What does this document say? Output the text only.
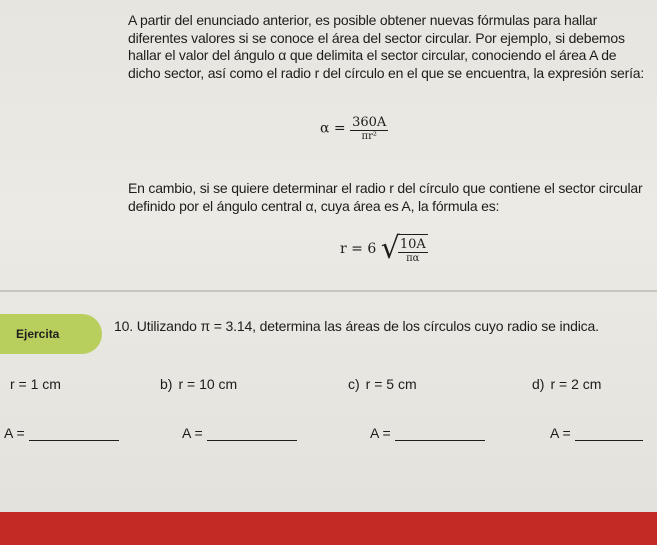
A partir del enunciado anterior, es posible obtener nuevas fórmulas para hallar diferentes valores si se conoce el área del sector circular. Por ejemplo, si debemos hallar el valor del ángulo α que delimita el sector circular, conociendo el área A de dicho sector, así como el radio r del círculo en el que se encuentra, la expresión sería:
$\alpha = \frac{360A}{\text{πr²}}$
En cambio, si se quiere determinar el radio r del círculo que contiene el sector circular definido por el ángulo central α, cuya área es A, la fórmula es:
r = 6 √
$\frac{10A}{\pi\alpha}$
Ejercita	10. Utilizando π = 3.14, determina las áreas de los círculos cuyo radio se indica.
r = 1 cm	b) r = 10 cm	c) r = 5 cm	d) r = 2 cm
A =	A =	A =	A =
